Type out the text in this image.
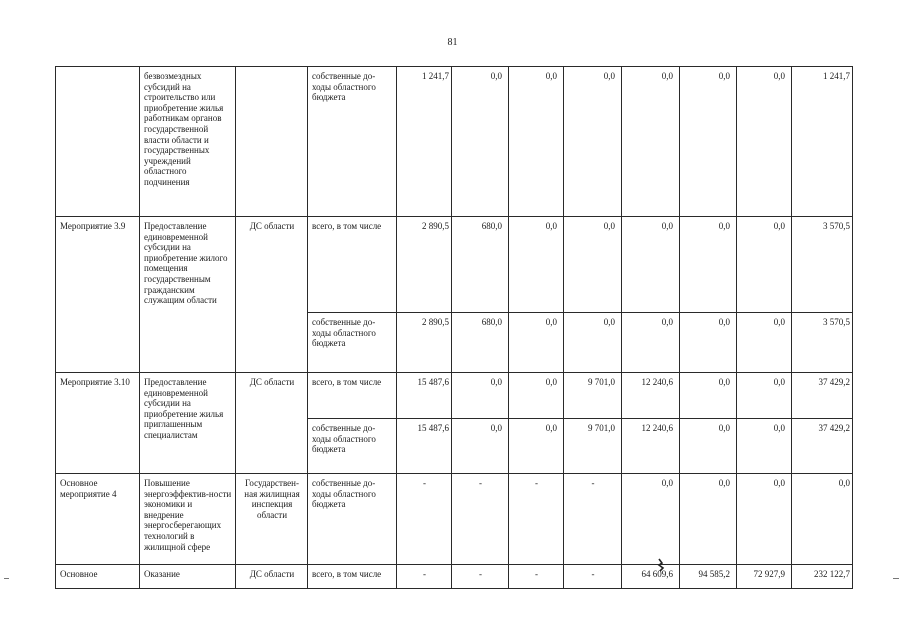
81
	безвозмездных субсидий на строительство или приобретение жилья работникам органов государственной власти области и государственных учреждений областного подчинения		собственные до-ходы областного бюджета	1 241,7	0,0	0,0	0,0	0,0	0,0	0,0	1 241,7
Мероприятие 3.9	Предоставление единовременной субсидии на приобретение жилого помещения государственным гражданским служащим области	ДС области	всего, в том числе	2 890,5	680,0	0,0	0,0	0,0	0,0	0,0	3 570,5
			собственные до-ходы областного бюджета	2 890,5	680,0	0,0	0,0	0,0	0,0	0,0	3 570,5
Мероприятие 3.10	Предоставление единовременной субсидии на приобретение жилья приглашенным специалистам	ДС области	всего, в том числе	15 487,6	0,0	0,0	9 701,0	12 240,6	0,0	0,0	37 429,2
			собственные до-ходы областного бюджета	15 487,6	0,0	0,0	9 701,0	12 240,6	0,0	0,0	37 429,2
Основное мероприятие 4	Повышение энергоэффектив-ности экономики и внедрение энергосберегающих технологий в жилищной сфере	Государствен-ная жилищная инспекция области	собственные до-ходы областного бюджета	-	-	-	-	0,0	0,0	0,0	0,0
Основное	Оказание	ДС области	всего, в том числе	-	-	-	-	64 609,6	94 585,2	72 927,9	232 122,7
